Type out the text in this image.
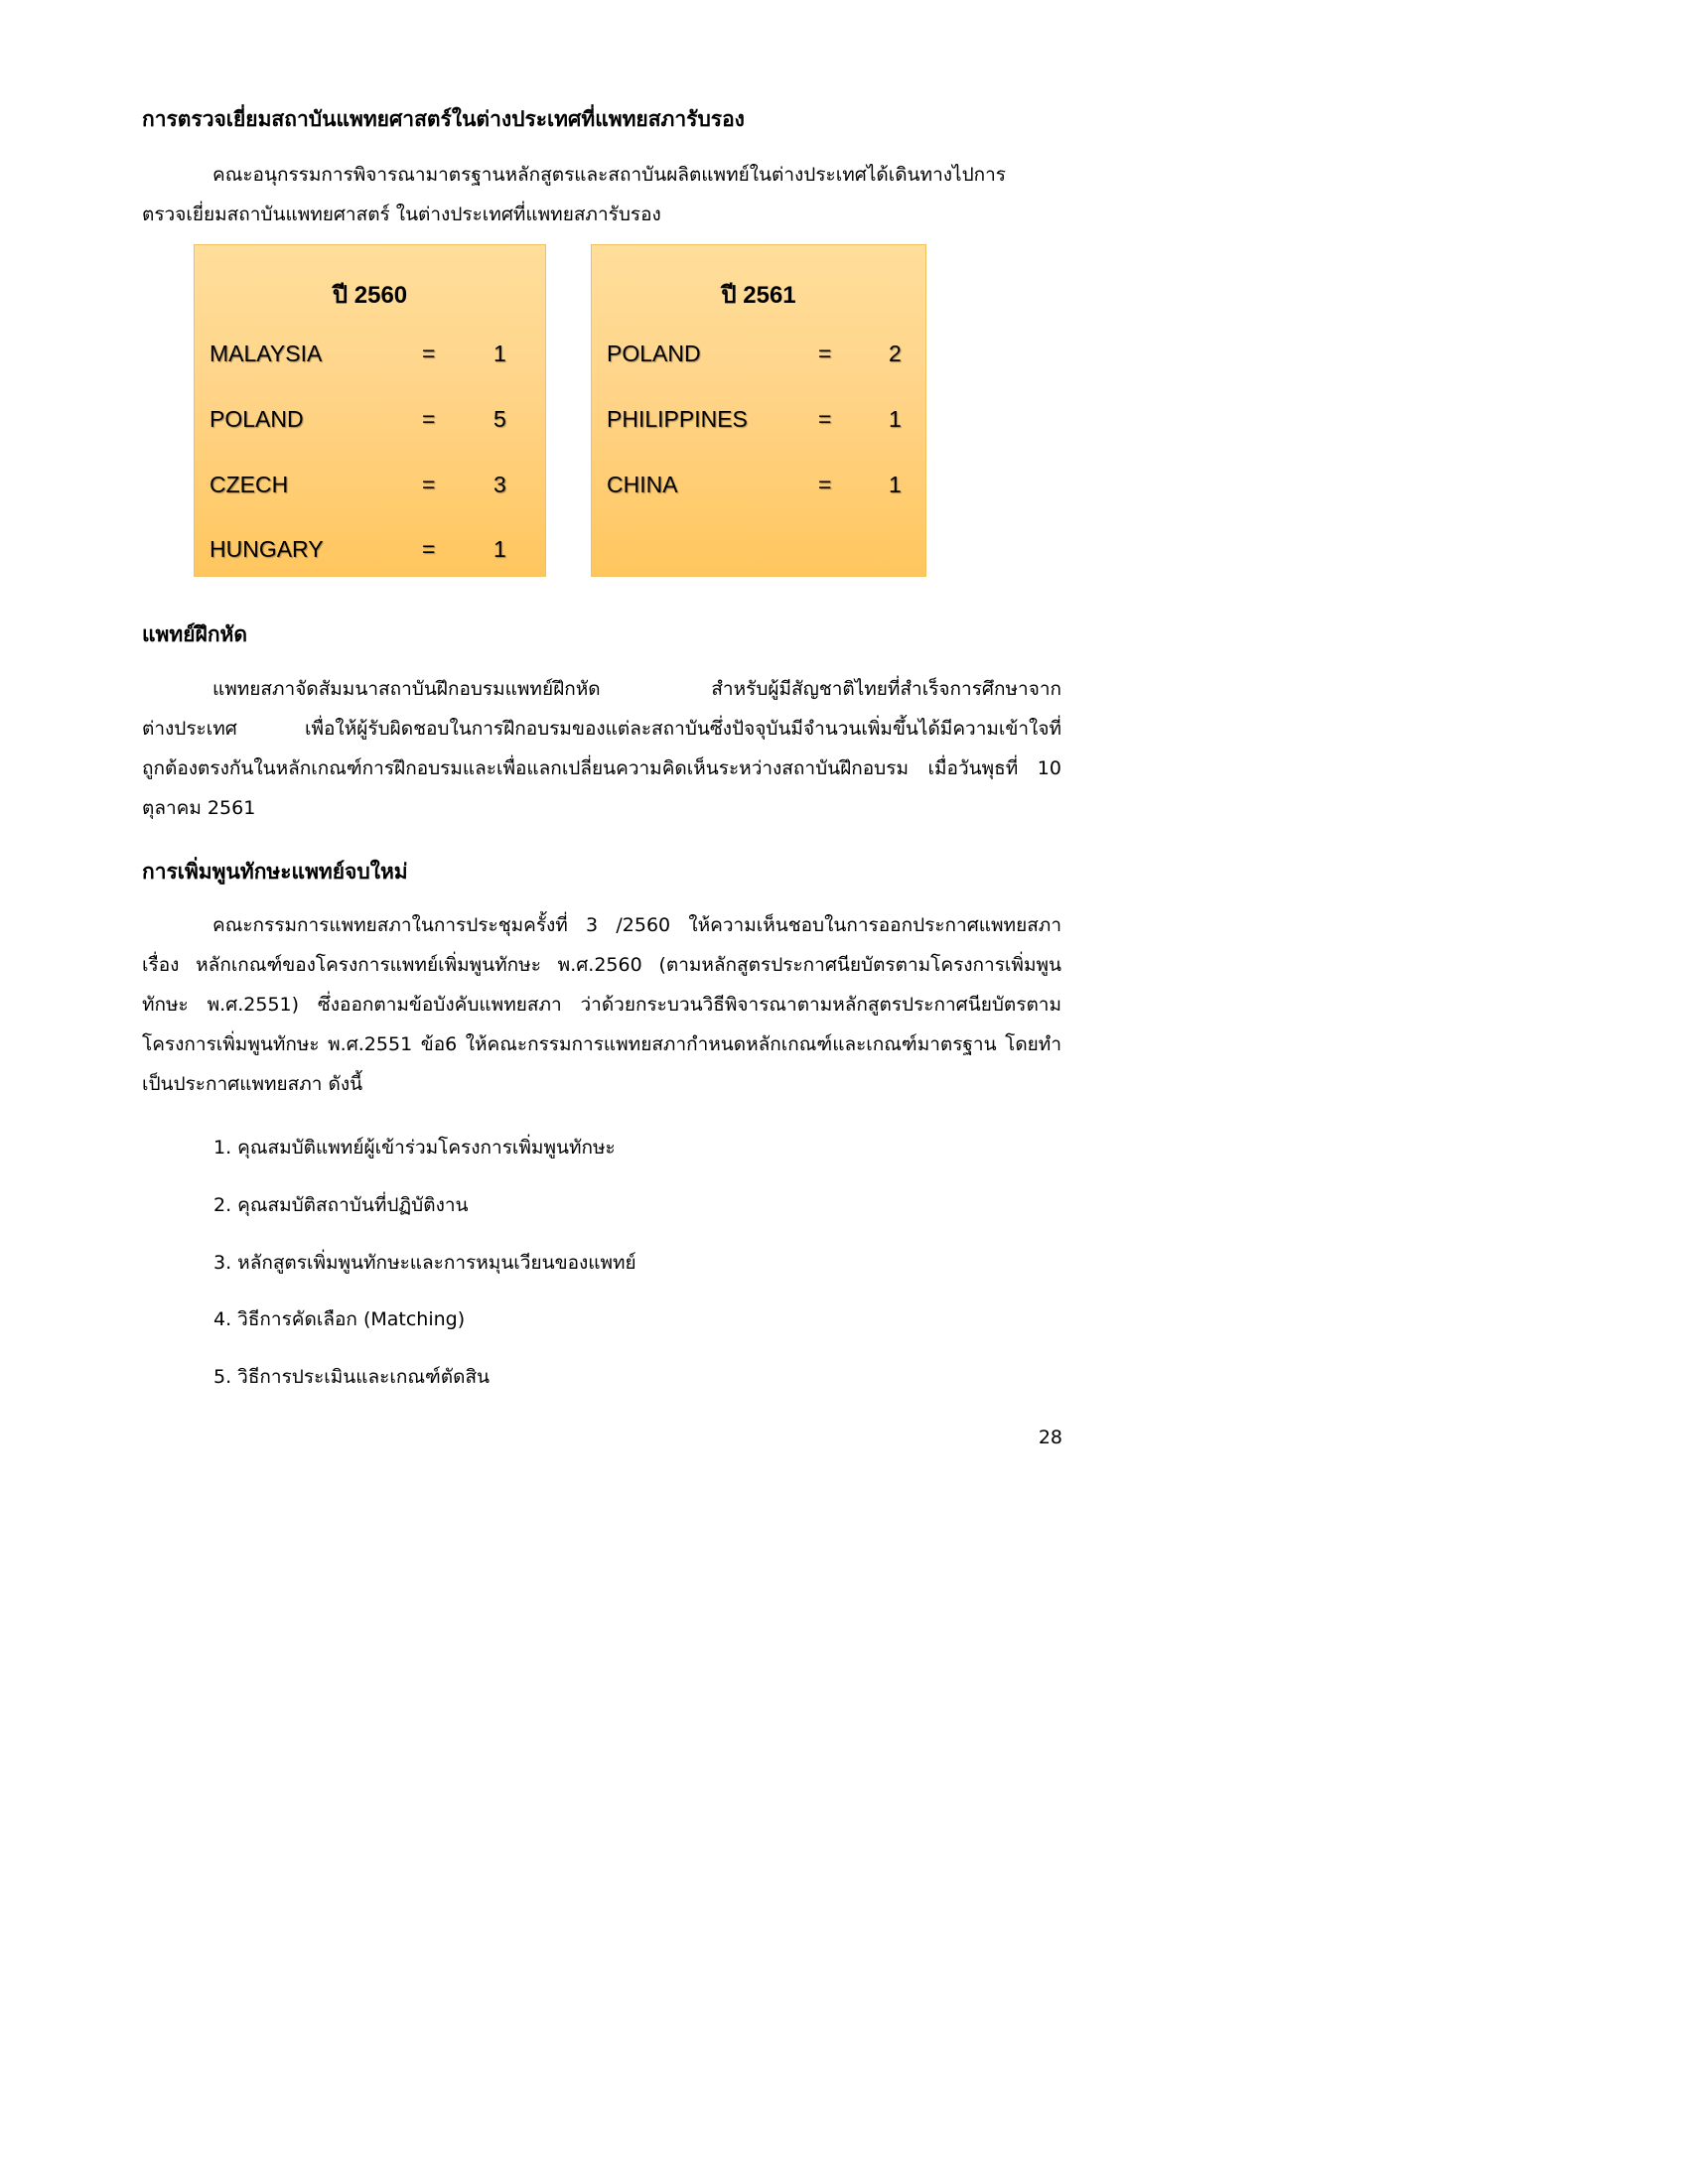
การตรวจเยี่ยมสถาบันแพทยศาสตร์ในต่างประเทศที่แพทยสภารับรอง
คณะอนุกรรมการพิจารณามาตรฐานหลักสูตรและสถาบันผลิตแพทย์ในต่างประเทศได้เดินทางไปการ
ตรวจเยี่ยมสถาบันแพทยศาสตร์ ในต่างประเทศที่แพทยสภารับรอง
ปี 2560
MALAYSIA	=	1
POLAND	=	5
CZECH	=	3
HUNGARY	=	1
ปี 2561
POLAND	=	2
PHILIPPINES	=	1
CHINA	=	1
แพทย์ฝึกหัด
แพทยสภาจัดสัมมนาสถาบันฝึกอบรมแพทย์ฝึกหัด สำหรับผู้มีสัญชาติไทยที่สำเร็จการศึกษาจาก
ต่างประเทศ เพื่อให้ผู้รับผิดชอบในการฝึกอบรมของแต่ละสถาบันซึ่งปัจจุบันมีจำนวนเพิ่มขึ้นได้มีความเข้าใจที่
ถูกต้องตรงกันในหลักเกณฑ์การฝึกอบรมและเพื่อแลกเปลี่ยนความคิดเห็นระหว่างสถาบันฝึกอบรม เมื่อวันพุธที่ 10
ตุลาคม 2561
การเพิ่มพูนทักษะแพทย์จบใหม่
คณะกรรมการแพทยสภาในการประชุมครั้งที่ 3 /2560 ให้ความเห็นชอบในการออกประกาศแพทยสภา
เรื่อง หลักเกณฑ์ของโครงการแพทย์เพิ่มพูนทักษะ พ.ศ.2560 (ตามหลักสูตรประกาศนียบัตรตามโครงการเพิ่มพูน
ทักษะ พ.ศ.2551) ซึ่งออกตามข้อบังคับแพทยสภา ว่าด้วยกระบวนวิธีพิจารณาตามหลักสูตรประกาศนียบัตรตาม
โครงการเพิ่มพูนทักษะ พ.ศ.2551 ข้อ6 ให้คณะกรรมการแพทยสภากำหนดหลักเกณฑ์และเกณฑ์มาตรฐาน โดยทำ
เป็นประกาศแพทยสภา ดังนี้
1. คุณสมบัติแพทย์ผู้เข้าร่วมโครงการเพิ่มพูนทักษะ
2. คุณสมบัติสถาบันที่ปฏิบัติงาน
3. หลักสูตรเพิ่มพูนทักษะและการหมุนเวียนของแพทย์
4. วิธีการคัดเลือก (Matching)
5. วิธีการประเมินและเกณฑ์ตัดสิน
28
